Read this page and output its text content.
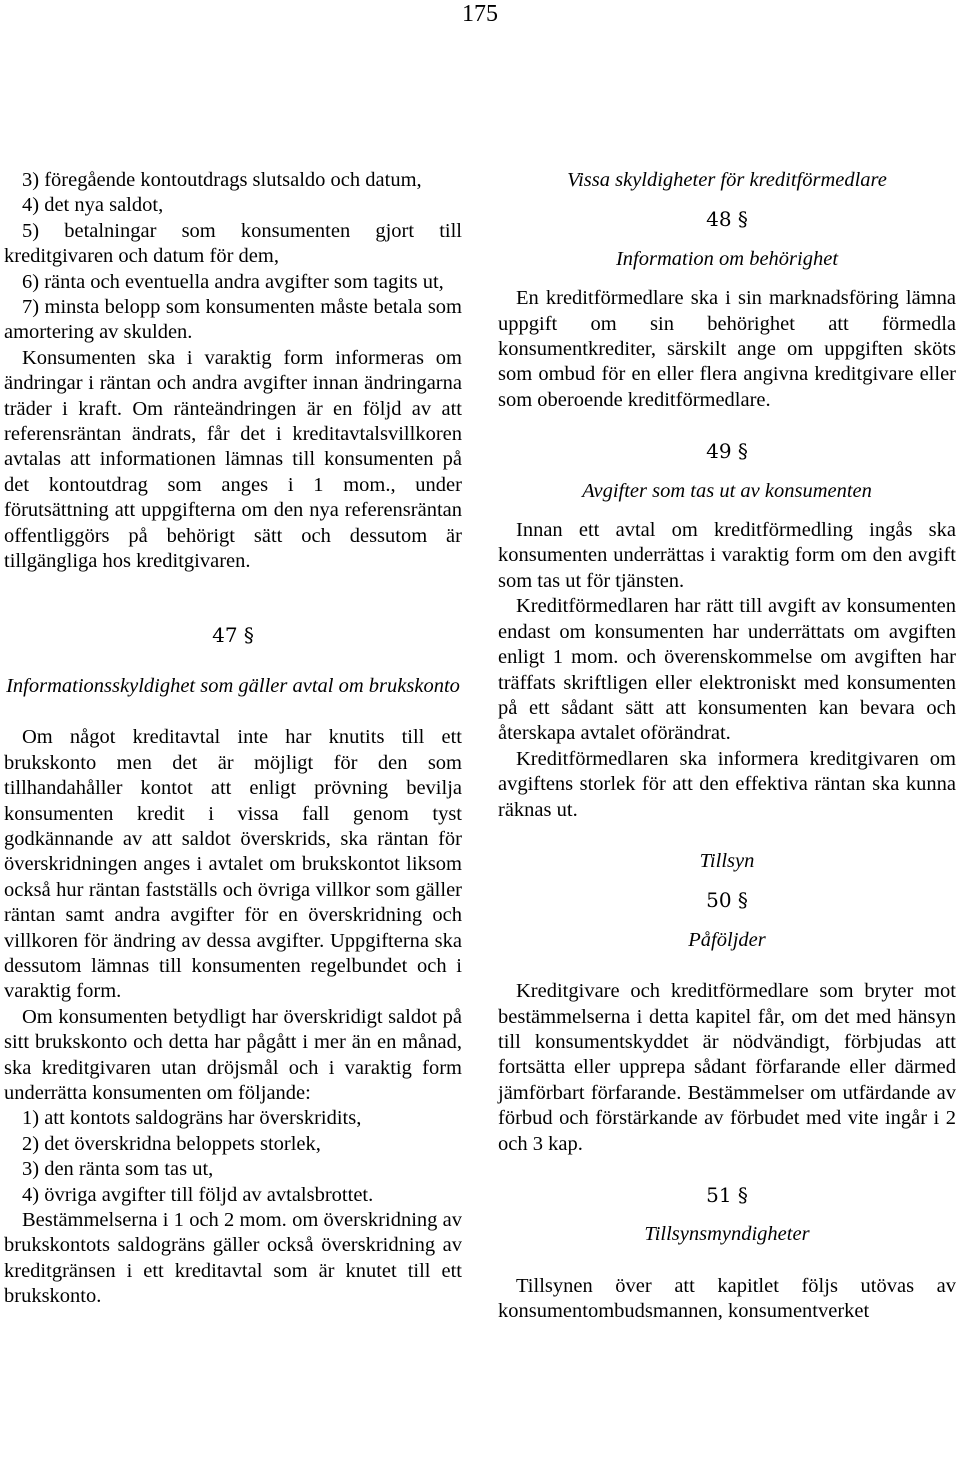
175

3) föregående kontoutdrags slutsaldo och datum,

4) det nya saldot,

5) betalningar som konsumenten gjort till kreditgivaren och datum för dem,

6) ränta och eventuella andra avgifter som tagits ut,

7) minsta belopp som konsumenten måste betala som amortering av skulden.

Konsumenten ska i varaktig form informeras om ändringar i räntan och andra avgifter innan ändringarna träder i kraft. Om ränteändringen är en följd av att referensräntan ändrats, får det i kreditavtalsvillkoren avtalas att informationen lämnas till konsumenten på det kontoutdrag som anges i 1 mom., under förutsättning att uppgifterna om den nya referensräntan offentliggörs på behörigt sätt och dessutom är tillgängliga hos kreditgivaren.

47 §

Informationsskyldighet som gäller avtal om brukskonto

Om något kreditavtal inte har knutits till ett brukskonto men det är möjligt för den som tillhandahåller kontot att enligt prövning bevilja konsumenten kredit i vissa fall genom tyst godkännande av att saldot överskrids, ska räntan för överskridningen anges i avtalet om brukskontot liksom också hur räntan fastställs och övriga villkor som gäller räntan samt andra avgifter för en överskridning och villkoren för ändring av dessa avgifter. Uppgifterna ska dessutom lämnas till konsumenten regelbundet och i varaktig form.

Om konsumenten betydligt har överskridigt saldot på sitt brukskonto och detta har pågått i mer än en månad, ska kreditgivaren utan dröjsmål och i varaktig form underrätta konsumenten om följande:

1) att kontots saldogräns har överskridits,

2) det överskridna beloppets storlek,

3) den ränta som tas ut,

4) övriga avgifter till följd av avtalsbrottet.

Bestämmelserna i 1 och 2 mom. om överskridning av brukskontots saldogräns gäller också överskridning av kreditgränsen i ett kreditavtal som är knutet till ett brukskonto.

Vissa skyldigheter för kreditförmedlare

48 §

Information om behörighet

En kreditförmedlare ska i sin marknadsföring lämna uppgift om sin behörighet att förmedla konsumentkrediter, särskilt ange om uppgiften sköts som ombud för en eller flera angivna kreditgivare eller som oberoende kreditförmedlare.

49 §

Avgifter som tas ut av konsumenten

Innan ett avtal om kreditförmedling ingås ska konsumenten underrättas i varaktig form om den avgift som tas ut för tjänsten.

Kreditförmedlaren har rätt till avgift av konsumenten endast om konsumenten har underrättats om avgiften enligt 1 mom. och överenskommelse om avgiften har träffats skriftligen eller elektroniskt med konsumenten på ett sådant sätt att konsumenten kan bevara och återskapa avtalet oförändrat.

Kreditförmedlaren ska informera kreditgivaren om avgiftens storlek för att den effektiva räntan ska kunna räknas ut.

Tillsyn

50 §

Påföljder

Kreditgivare och kreditförmedlare som bryter mot bestämmelserna i detta kapitel får, om det med hänsyn till konsumentskyddet är nödvändigt, förbjudas att fortsätta eller upprepa sådant förfarande eller därmed jämförbart förfarande. Bestämmelser om utfärdande av förbud och förstärkande av förbudet med vite ingår i 2 och 3 kap.

51 §

Tillsynsmyndigheter

Tillsynen över att kapitlet följs utövas av konsumentombudsmannen, konsumentverket
